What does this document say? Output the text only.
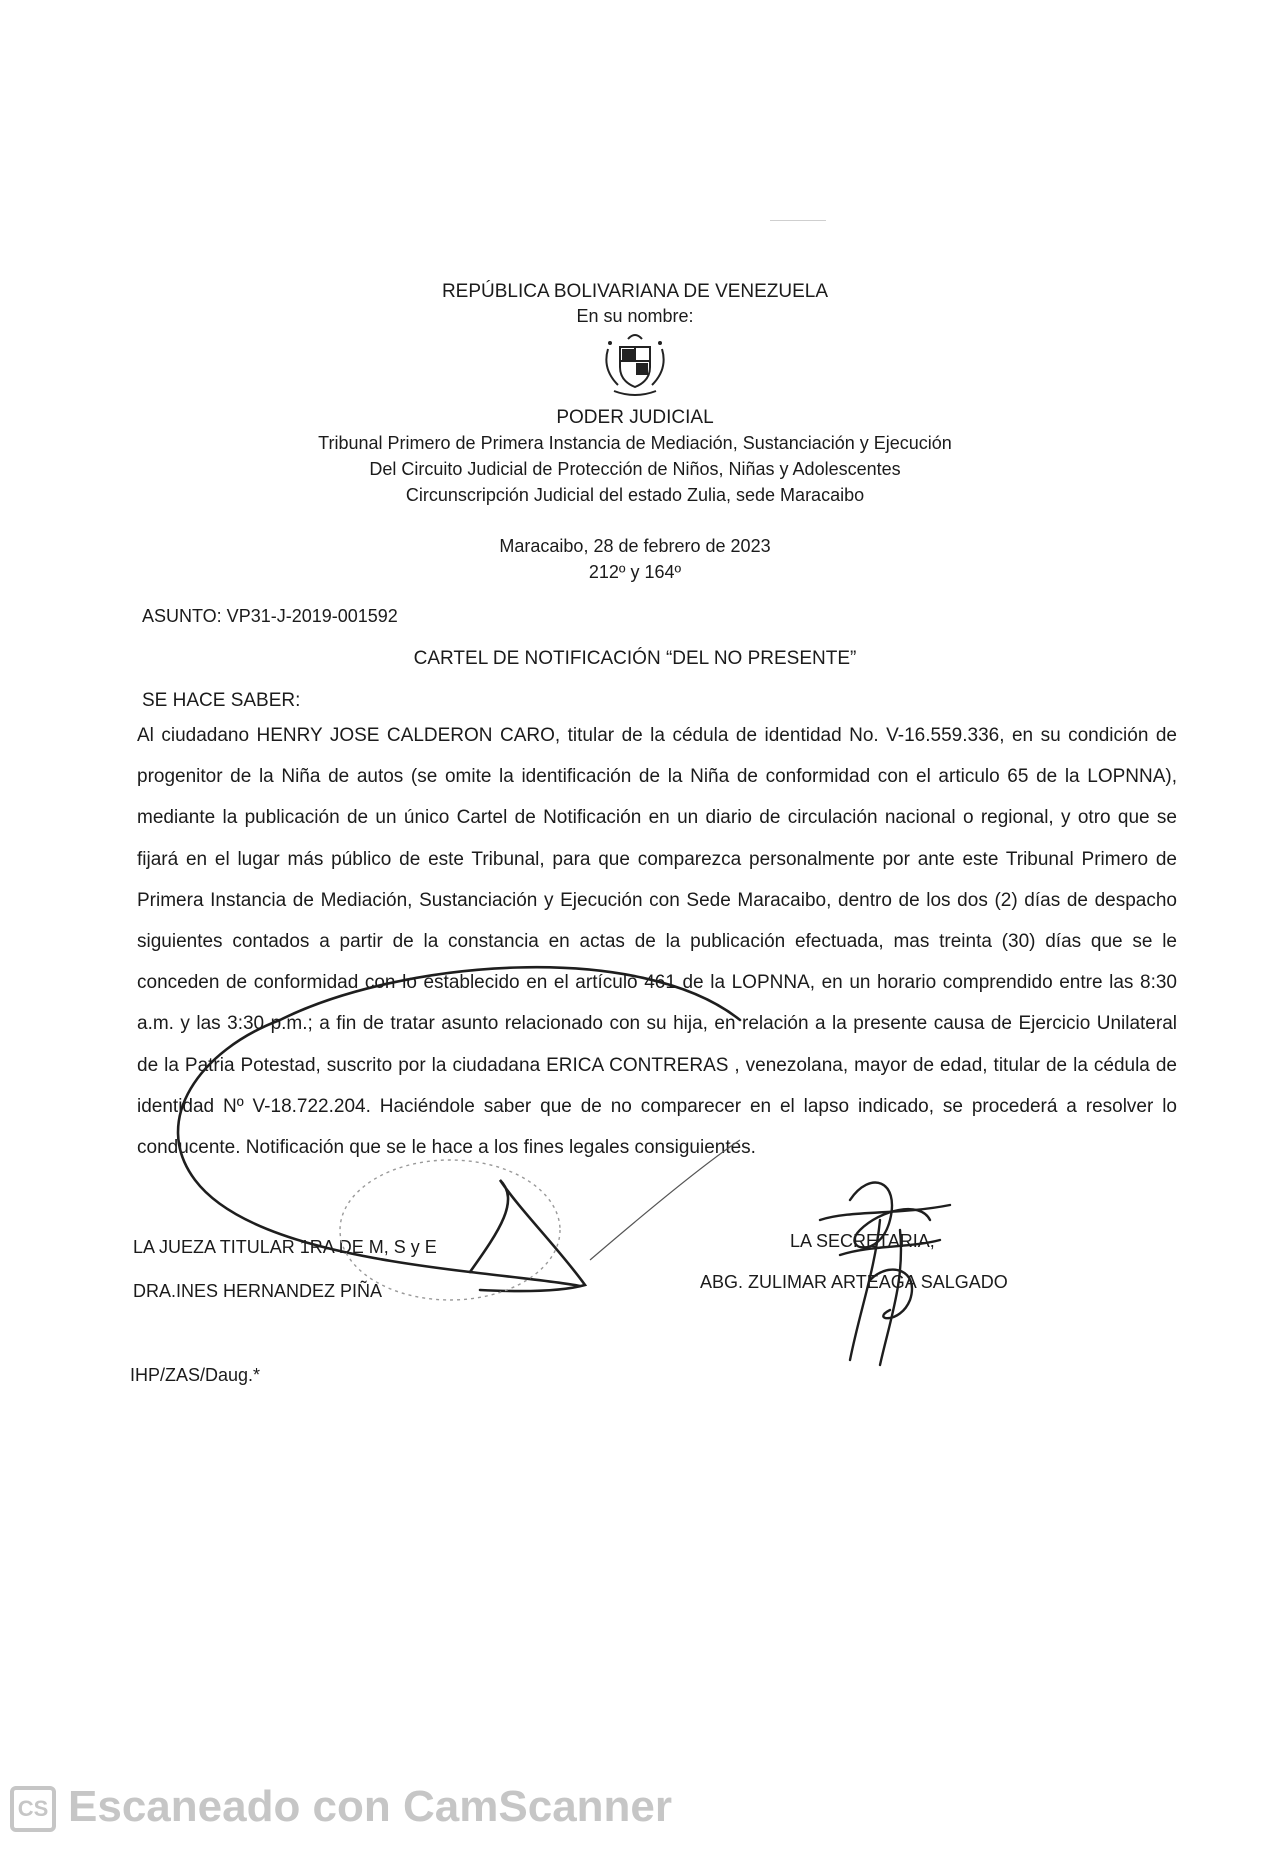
REPÚBLICA BOLIVARIANA DE VENEZUELA
En su nombre:
PODER JUDICIAL
Tribunal Primero de Primera Instancia de Mediación, Sustanciación y Ejecución
Del Circuito Judicial de Protección de Niños, Niñas y Adolescentes
Circunscripción Judicial del estado Zulia, sede Maracaibo
Maracaibo, 28 de febrero de 2023
212º y 164º
ASUNTO: VP31-J-2019-001592
CARTEL DE NOTIFICACIÓN “DEL NO PRESENTE”
SE HACE SABER:
Al ciudadano HENRY JOSE CALDERON CARO, titular de la cédula de identidad No. V-16.559.336, en su condición de progenitor de la Niña de autos (se omite la identificación de la Niña de conformidad con el articulo 65 de la LOPNNA), mediante la publicación de un único Cartel de Notificación en un diario de circulación nacional o regional, y otro que se fijará en el lugar más público de este Tribunal, para que comparezca personalmente por ante este Tribunal Primero de Primera Instancia de Mediación, Sustanciación y Ejecución con Sede Maracaibo, dentro de los dos (2) días de despacho siguientes contados a partir de la constancia en actas de la publicación efectuada, mas treinta (30) días que se le conceden de conformidad con lo establecido en el artículo 461 de la LOPNNA, en un horario comprendido entre las 8:30 a.m. y las 3:30 p.m.; a fin de tratar asunto relacionado con su hija, en relación a la presente causa de Ejercicio Unilateral de la Patria Potestad, suscrito por la ciudadana ERICA CONTRERAS , venezolana, mayor de edad, titular de la cédula de identidad Nº V-18.722.204. Haciéndole saber que de no comparecer en el lapso indicado, se procederá a resolver lo conducente. Notificación que se le hace a los fines legales consiguientes.
LA JUEZA TITULAR 1RA DE M, S y E
DRA.INES HERNANDEZ PIÑA
LA SECRETARIA,
ABG. ZULIMAR ARTEAGA SALGADO
IHP/ZAS/Daug.*
CS Escaneado con CamScanner
